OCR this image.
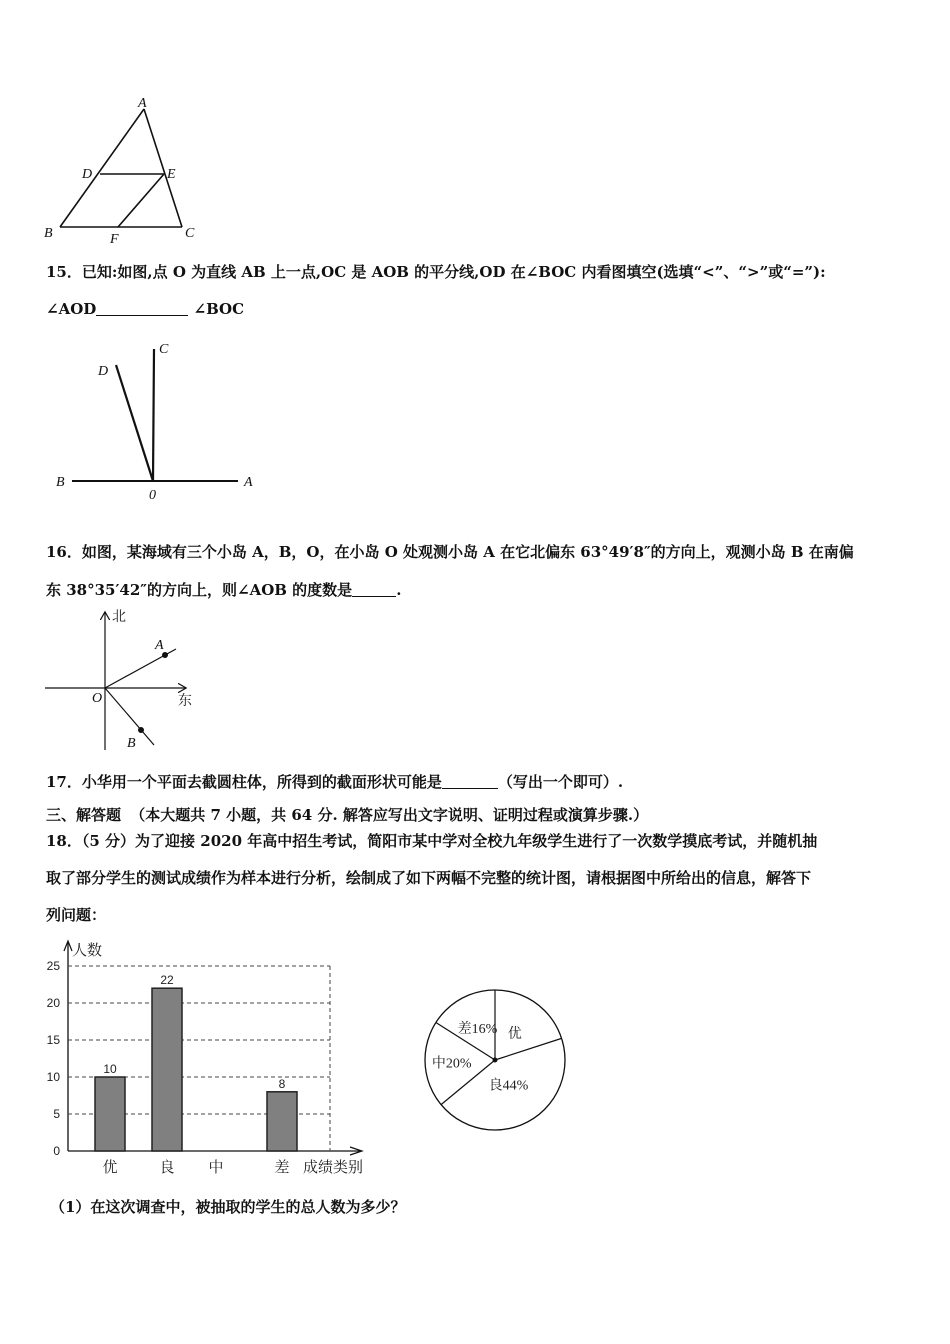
A
D	E
B	F	C
15．已知:如图,点 O 为直线 AB 上一点,OC 是 AOB 的平分线,OD 在∠BOC 内看图填空(选填“<”、“>”或“=”):
∠AOD	∠BOC
C
D
B
0
A
16．如图，某海域有三个小岛 A，B，O，在小岛 O 处观测小岛 A 在它北偏东 63°49′8″的方向上，观测小岛 B 在南偏
东 38°35′42″的方向上，则∠AOB 的度数是	.
北
东
O
A
B
17．小华用一个平面去截圆柱体，所得到的截面形状可能是	（写出一个即可）.
三、解答题 （本大题共 7 小题，共 64 分. 解答应写出文字说明、证明过程或演算步骤.）
18．（5 分）为了迎接 2020 年高中招生考试，简阳市某中学对全校九年级学生进行了一次数学摸底考试，并随机抽
取了部分学生的测试成绩作为样本进行分析，绘制成了如下两幅不完整的统计图，请根据图中所给出的信息，解答下
列问题：
人数
成绩类别
0
5
10
15
20
25
10
优
22
良 中
8
差
优
良44%
中20%
差16%
（1）在这次调查中，被抽取的学生的总人数为多少？
